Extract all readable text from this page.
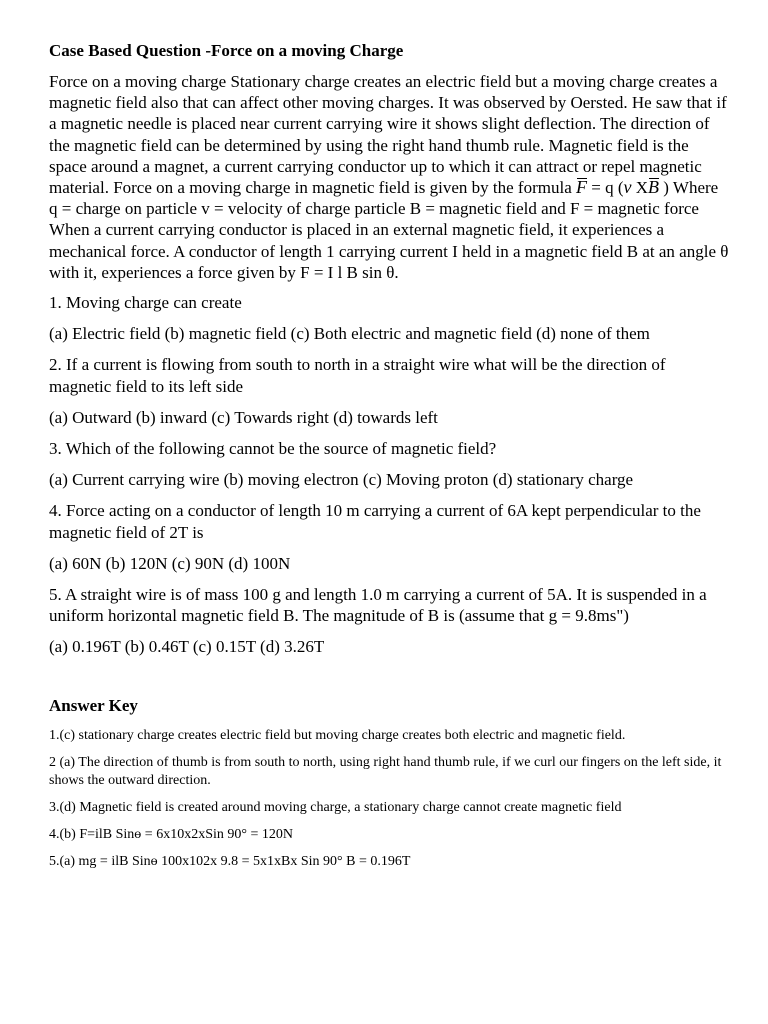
Case Based Question -Force on a moving Charge

Force on a moving charge Stationary charge creates an electric field but a moving charge creates a magnetic field also that can affect other moving charges. It was observed by Oersted. He saw that if a magnetic needle is placed near current carrying wire it shows slight deflection. The direction of the magnetic field can be determined by using the right hand thumb rule. Magnetic field is the space around a magnet, a current carrying conductor up to which it can attract or repel magnetic material. Force on a moving charge in magnetic field is given by the formula F = q (v XB ) Where q = charge on particle v = velocity of charge particle B = magnetic field and F = magnetic force When a current carrying conductor is placed in an external magnetic field, it experiences a mechanical force. A conductor of length 1 carrying current I held in a magnetic field B at an angle θ with it, experiences a force given by F = I l B sin θ.

1. Moving charge can create

(a) Electric field (b) magnetic field (c) Both electric and magnetic field (d) none of them

2. If a current is flowing from south to north in a straight wire what will be the direction of magnetic field to its left side

(a) Outward (b) inward (c) Towards right (d) towards left

3. Which of the following cannot be the source of magnetic field?

(a) Current carrying wire (b) moving electron (c) Moving proton (d) stationary charge

4. Force acting on a conductor of length 10 m carrying a current of 6A kept perpendicular to the magnetic field of 2T is

(a) 60N (b) 120N (c) 90N (d) 100N

5. A straight wire is of mass 100 g and length 1.0 m carrying a current of 5A. It is suspended in a uniform horizontal magnetic field B. The magnitude of B is (assume that g = 9.8ms")

(a) 0.196T (b) 0.46T (c) 0.15T (d) 3.26T

Answer Key

1.(c) stationary charge creates electric field but moving charge creates both electric and magnetic field.

2 (a) The direction of thumb is from south to north, using right hand thumb rule, if we curl our fingers on the left side, it shows the outward direction.

3.(d) Magnetic field is created around moving charge, a stationary charge cannot create magnetic field

4.(b) F=ilB Sinө = 6x10x2xSin 90° = 120N

5.(a) mg = ilB Sinө 100x102x 9.8 = 5x1xBx Sin 90° B = 0.196T
